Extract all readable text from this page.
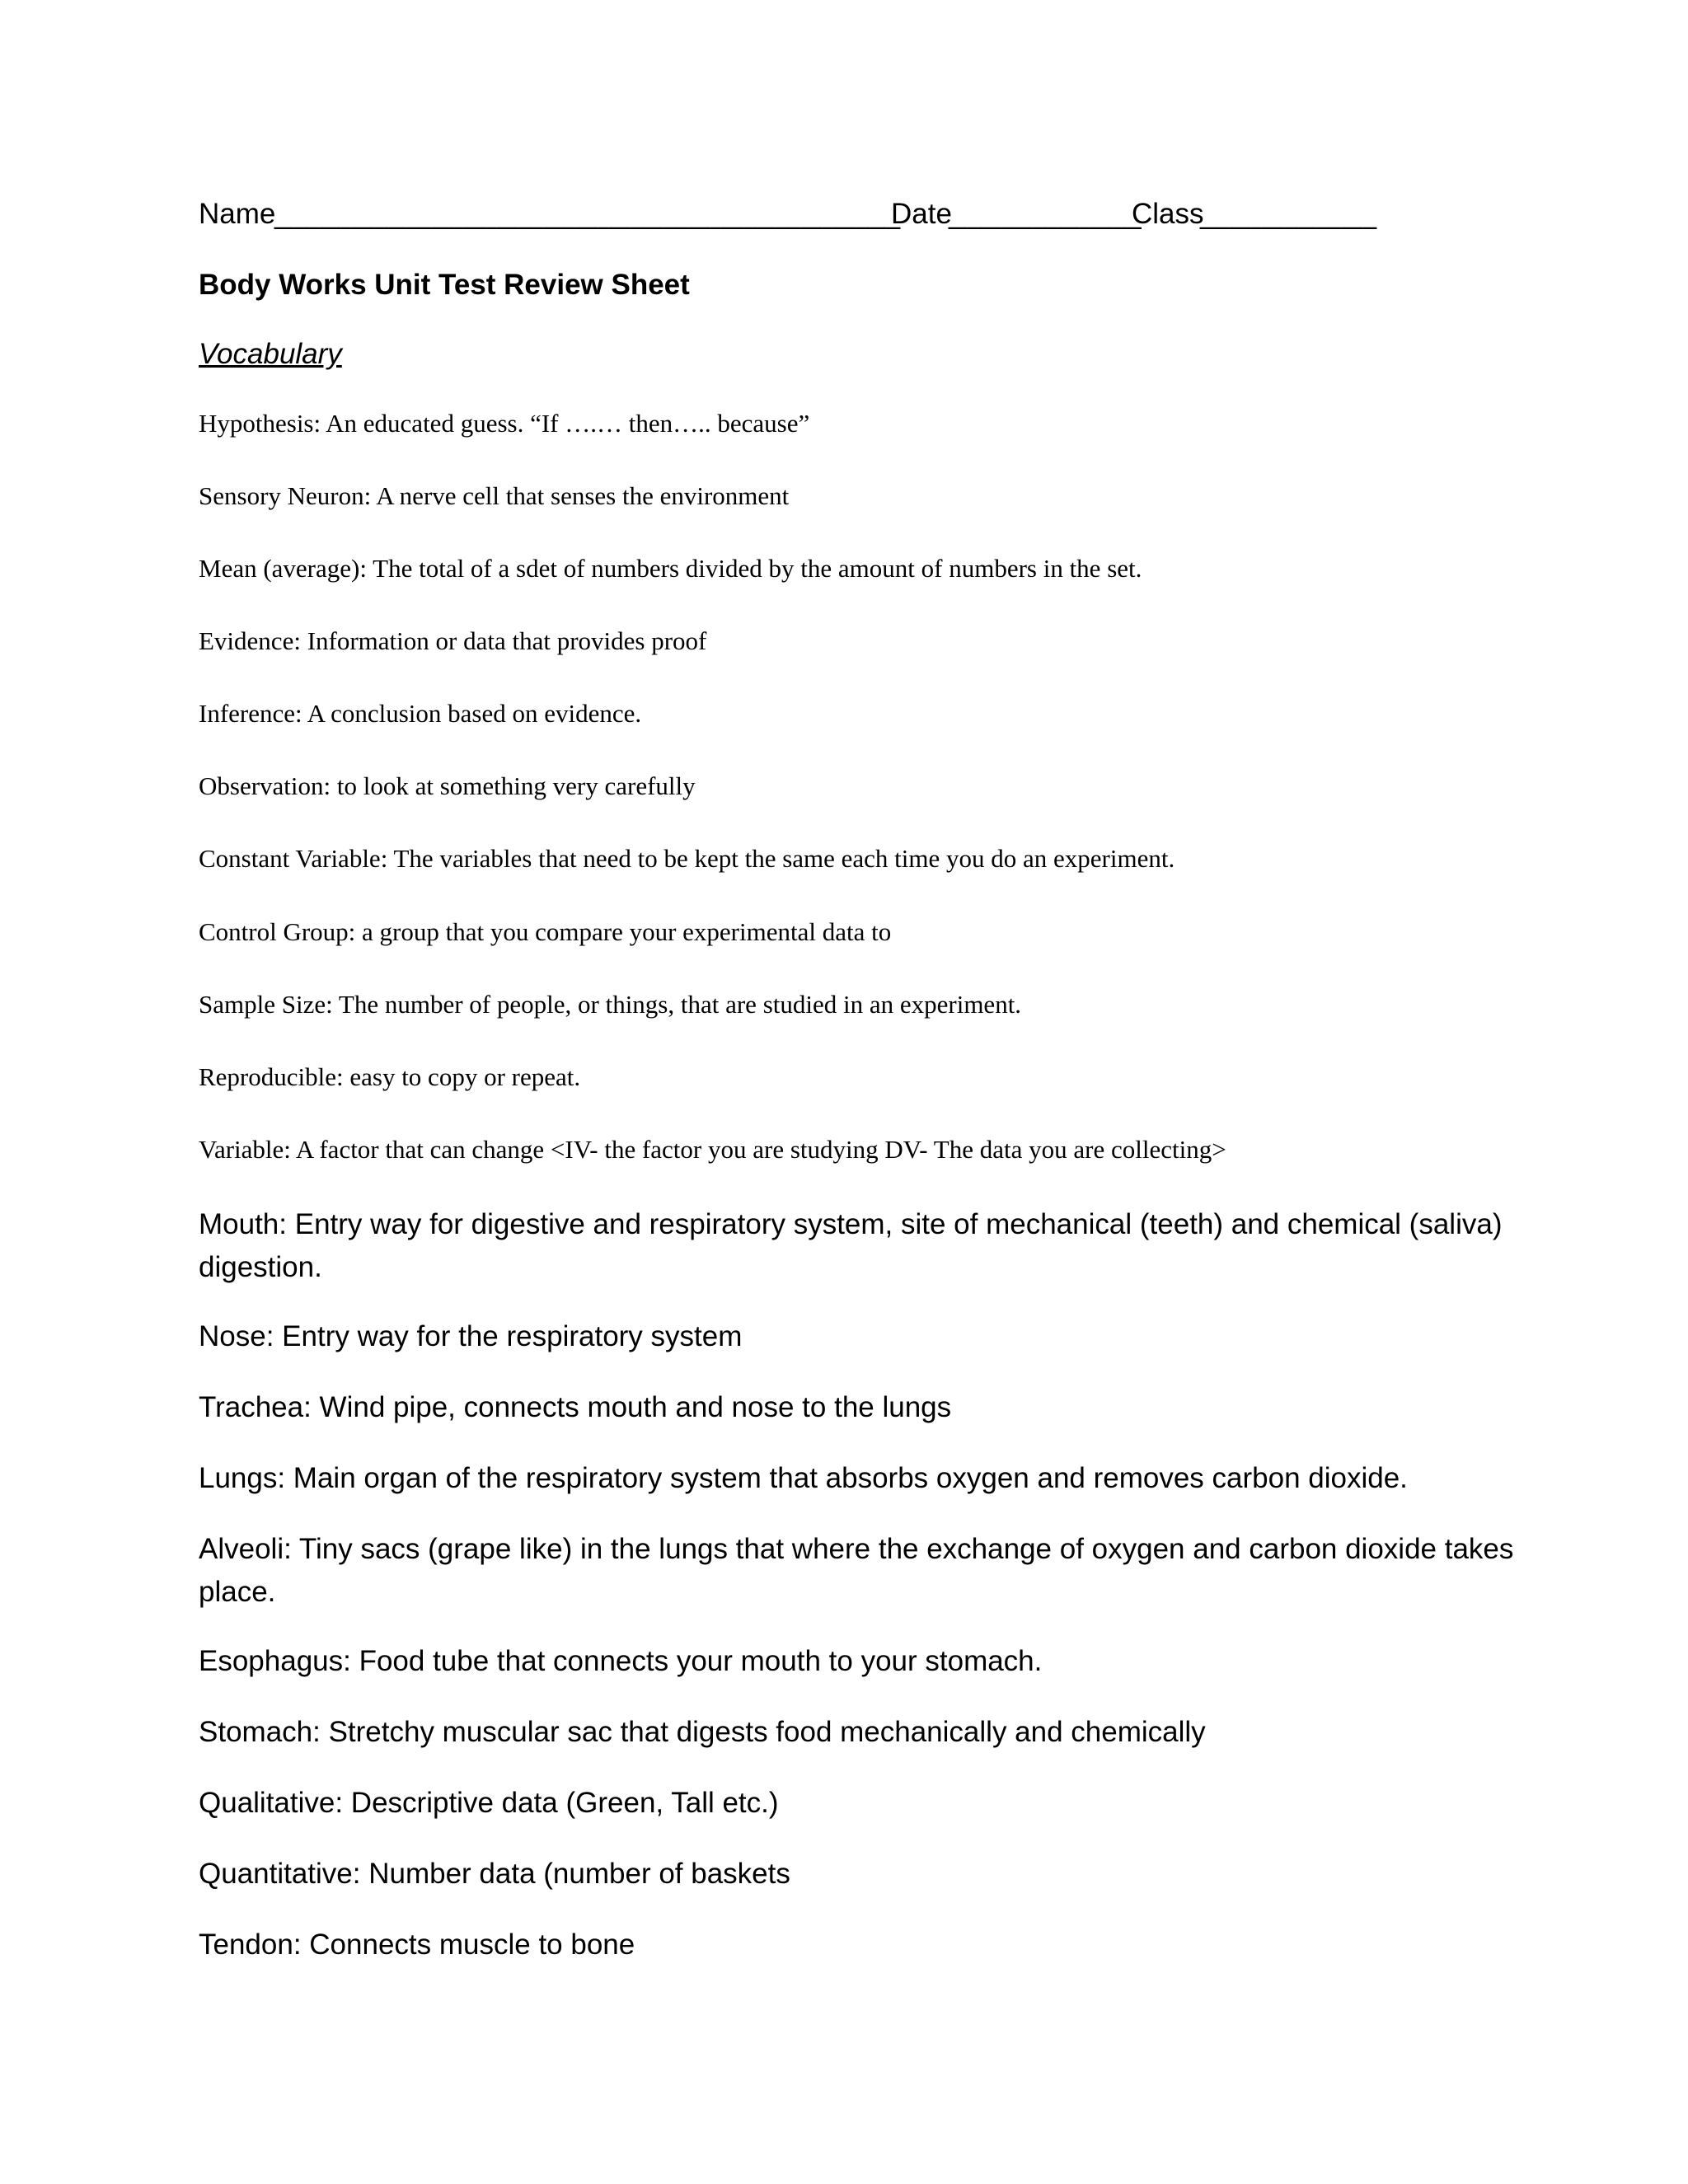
Name
_______________________________________
Date
____________
Class
___________
Body Works Unit Test Review Sheet
Vocabulary
Hypothesis: An educated guess. “If ….… then….. because”
Sensory Neuron: A nerve cell that senses the environment
Mean (average): The total of a sdet of numbers divided by the amount of numbers in the set.
Evidence: Information or data that provides proof
Inference: A conclusion based on evidence.
Observation: to look at something very carefully
Constant Variable: The variables that need to be kept the same each time you do an experiment.
Control Group: a group that you compare your experimental data to
Sample Size: The number of people, or things, that are studied in an experiment.
Reproducible: easy to copy or repeat.
Variable: A factor that can change <IV- the factor you are studying DV- The data you are collecting>
Mouth: Entry way for digestive and respiratory system, site of mechanical (teeth) and chemical (saliva) digestion.
Nose: Entry way for the respiratory system
Trachea: Wind pipe, connects mouth and nose to the lungs
Lungs: Main organ of the respiratory system that absorbs oxygen and removes carbon dioxide.
Alveoli: Tiny sacs (grape like) in the lungs that where the exchange of oxygen and carbon dioxide takes place.
Esophagus: Food tube that connects your mouth to your stomach.
Stomach: Stretchy muscular sac that digests food mechanically and chemically
Qualitative: Descriptive data (Green, Tall etc.)
Quantitative: Number data (number of baskets
Tendon: Connects muscle to bone
